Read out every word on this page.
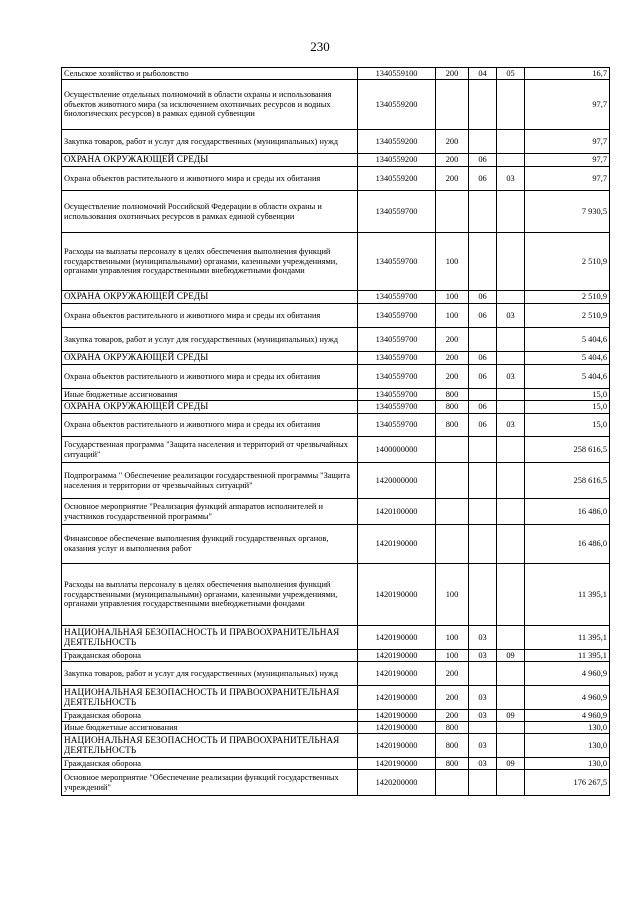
230
Сельское хозяйство и рыболовство	1340559100	200	04	05	16,7
Осуществление отдельных полномочий в области охраны и использования объектов животного мира (за исключением охотничьих ресурсов и водных биологических ресурсов) в рамках единой субвенции	1340559200				97,7
Закупка товаров, работ и услуг для государственных (муниципальных) нужд	1340559200	200			97,7
ОХРАНА ОКРУЖАЮЩЕЙ СРЕДЫ	1340559200	200	06		97,7
Охрана объектов растительного и животного мира и среды их обитания	1340559200	200	06	03	97,7
Осуществление полномочий Российской Федерации в области охраны и использования охотничьих ресурсов в рамках единой субвенции	1340559700				7 930,5
Расходы на выплаты персоналу в целях обеспечения выполнения функций государственными (муниципальными) органами, казенными учреждениями, органами управления государственными внебюджетными фондами	1340559700	100			2 510,9
ОХРАНА ОКРУЖАЮЩЕЙ СРЕДЫ	1340559700	100	06		2 510,9
Охрана объектов растительного и животного мира и среды их обитания	1340559700	100	06	03	2 510,9
Закупка товаров, работ и услуг для государственных (муниципальных) нужд	1340559700	200			5 404,6
ОХРАНА ОКРУЖАЮЩЕЙ СРЕДЫ	1340559700	200	06		5 404,6
Охрана объектов растительного и животного мира и среды их обитания	1340559700	200	06	03	5 404,6
Иные бюджетные ассигнования	1340559700	800			15,0
ОХРАНА ОКРУЖАЮЩЕЙ СРЕДЫ	1340559700	800	06		15,0
Охрана объектов растительного и животного мира и среды их обитания	1340559700	800	06	03	15,0
Государственная программа "Защита населения и территорий от чрезвычайных ситуаций"	1400000000				258 616,5
Подпрограмма " Обеспечение реализации государственной программы "Защита населения и территории от чрезвычайных ситуаций"	1420000000				258 616,5
Основное мероприятие "Реализация функций аппаратов исполнителей и участников государственной программы"	1420100000				16 486,0
Финансовое обеспечение выполнения функций государственных органов, оказания услуг и выполнения работ	1420190000				16 486,0
Расходы на выплаты персоналу в целях обеспечения выполнения функций государственными (муниципальными) органами, казенными учреждениями, органами управления государственными внебюджетными фондами	1420190000	100			11 395,1
НАЦИОНАЛЬНАЯ БЕЗОПАСНОСТЬ И ПРАВООХРАНИТЕЛЬНАЯ ДЕЯТЕЛЬНОСТЬ	1420190000	100	03		11 395,1
Гражданская оборона	1420190000	100	03	09	11 395,1
Закупка товаров, работ и услуг для государственных (муниципальных) нужд	1420190000	200			4 960,9
НАЦИОНАЛЬНАЯ БЕЗОПАСНОСТЬ И ПРАВООХРАНИТЕЛЬНАЯ ДЕЯТЕЛЬНОСТЬ	1420190000	200	03		4 960,9
Гражданская оборона	1420190000	200	03	09	4 960,9
Иные бюджетные ассигнования	1420190000	800			130,0
НАЦИОНАЛЬНАЯ БЕЗОПАСНОСТЬ И ПРАВООХРАНИТЕЛЬНАЯ ДЕЯТЕЛЬНОСТЬ	1420190000	800	03		130,0
Гражданская оборона	1420190000	800	03	09	130,0
Основное мероприятие "Обеспечение реализации функций государственных учреждений"	1420200000				176 267,5
